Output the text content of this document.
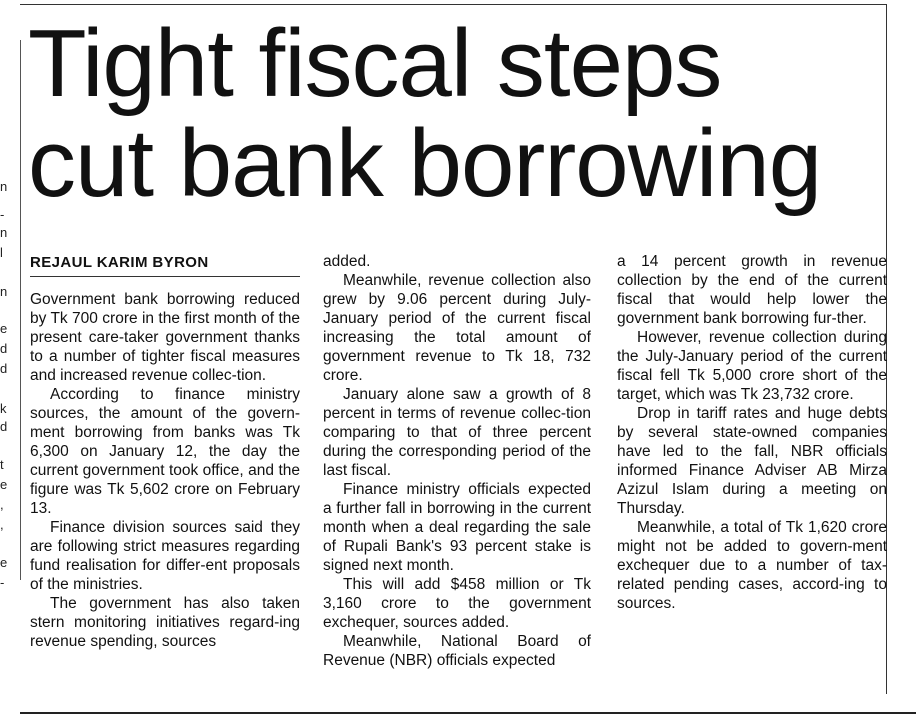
n
-
n
l
n
e
d
d
k
d
t
e
,
,
e
-
Tight fiscal steps
cut bank borrowing
REJAUL KARIM BYRON

Government bank borrowing reduced by Tk 700 crore in the first month of the present care-taker government thanks to a number of tighter fiscal measures and increased revenue collec-tion.

According to finance ministry sources, the amount of the govern-ment borrowing from banks was Tk 6,300 on January 12, the day the current government took office, and the figure was Tk 5,602 crore on February 13.

Finance division sources said they are following strict measures regarding fund realisation for differ-ent proposals of the ministries.

The government has also taken stern monitoring initiatives regard-ing revenue spending, sources

added.

Meanwhile, revenue collection also grew by 9.06 percent during July-January period of the current fiscal increasing the total amount of government revenue to Tk 18, 732 crore.

January alone saw a growth of 8 percent in terms of revenue collec-tion comparing to that of three percent during the corresponding period of the last fiscal.

Finance ministry officials expected a further fall in borrowing in the current month when a deal regarding the sale of Rupali Bank's 93 percent stake is signed next month.

This will add $458 million or Tk 3,160 crore to the government exchequer, sources added.

Meanwhile, National Board of Revenue (NBR) officials expected

a 14 percent growth in revenue collection by the end of the current fiscal that would help lower the government bank borrowing fur-ther.

However, revenue collection during the July-January period of the current fiscal fell Tk 5,000 crore short of the target, which was Tk 23,732 crore.

Drop in tariff rates and huge debts by several state-owned companies have led to the fall, NBR officials informed Finance Adviser AB Mirza Azizul Islam during a meeting on Thursday.

Meanwhile, a total of Tk 1,620 crore might not be added to govern-ment exchequer due to a number of tax-related pending cases, accord-ing to sources.
